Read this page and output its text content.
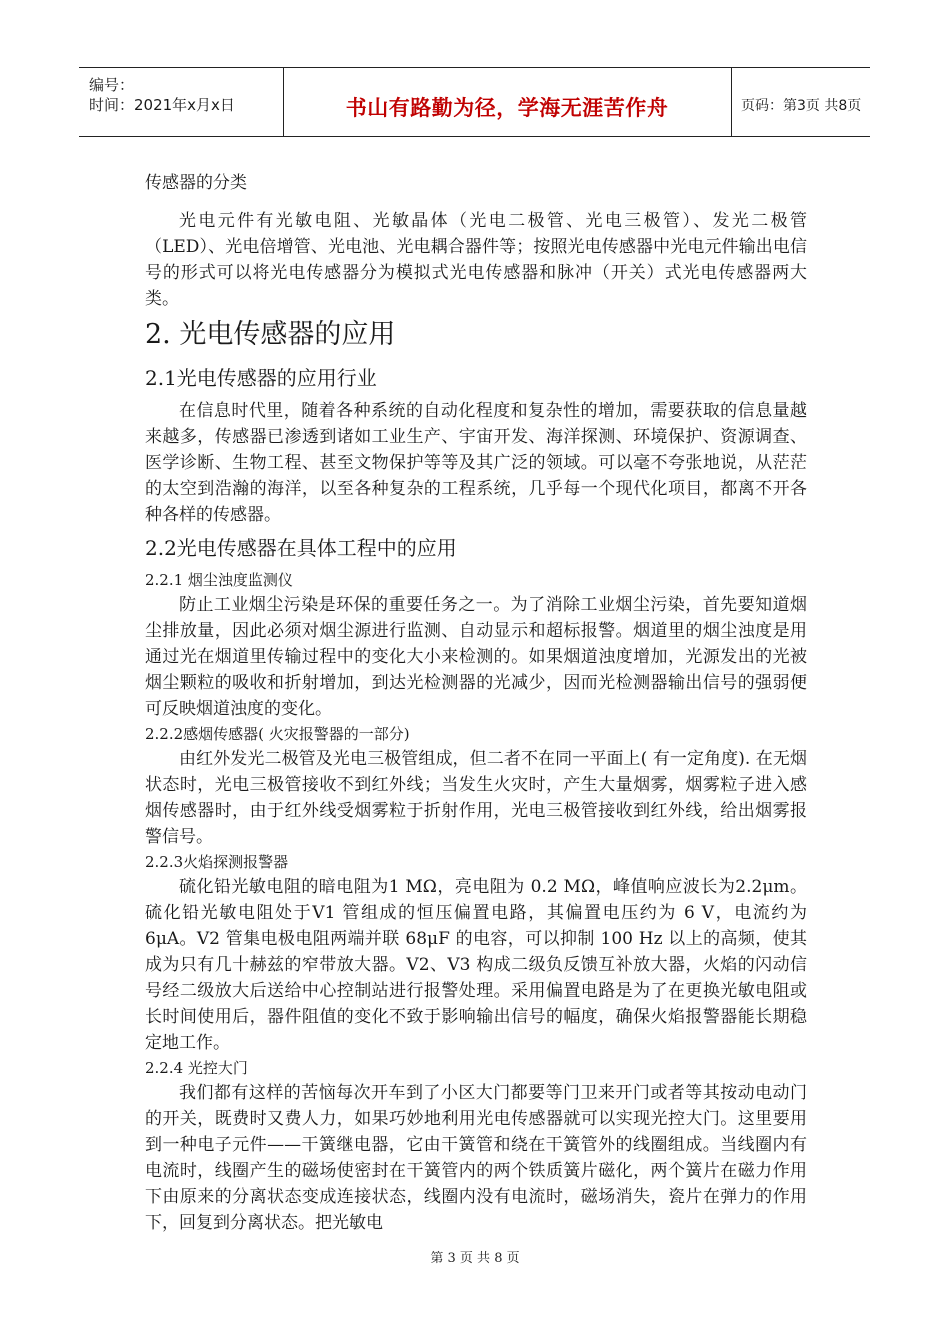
编号：
时间：2021年x月x日	书山有路勤为径，学海无涯苦作舟	页码：第3页 共8页
传感器的分类

光电元件有光敏电阻、光敏晶体（光电二极管、光电三极管）、发光二极管（LED）、光电倍增管、光电池、光电耦合器件等；按照光电传感器中光电元件输出电信号的形式可以将光电传感器分为模拟式光电传感器和脉冲（开关）式光电传感器两大类。

2. 光电传感器的应用
2.1光电传感器的应用行业

在信息时代里，随着各种系统的自动化程度和复杂性的增加，需要获取的信息量越来越多，传感器已渗透到诸如工业生产、宇宙开发、海洋探测、环境保护、资源调查、医学诊断、生物工程、甚至文物保护等等及其广泛的领域。可以毫不夸张地说，从茫茫的太空到浩瀚的海洋，以至各种复杂的工程系统，几乎每一个现代化项目，都离不开各种各样的传感器。

2.2光电传感器在具体工程中的应用
2.2.1 烟尘浊度监测仪

防止工业烟尘污染是环保的重要任务之一。为了消除工业烟尘污染，首先要知道烟尘排放量，因此必须对烟尘源进行监测、自动显示和超标报警。烟道里的烟尘浊度是用通过光在烟道里传输过程中的变化大小来检测的。如果烟道浊度增加，光源发出的光被烟尘颗粒的吸收和折射增加，到达光检测器的光减少，因而光检测器输出信号的强弱便可反映烟道浊度的变化。

2.2.2感烟传感器( 火灾报警器的一部分)

由红外发光二极管及光电三极管组成，但二者不在同一平面上( 有一定角度). 在无烟状态时，光电三极管接收不到红外线；当发生火灾时，产生大量烟雾，烟雾粒子进入感烟传感器时，由于红外线受烟雾粒于折射作用，光电三极管接收到红外线，给出烟雾报警信号。

2.2.3火焰探测报警器

硫化铅光敏电阻的暗电阻为1 MΩ，亮电阻为 0.2 MΩ，峰值响应波长为2.2μm。硫化铅光敏电阻处于V1 管组成的恒压偏置电路，其偏置电压约为 6 V，电流约为 6μA。V2 管集电极电阻两端并联 68μF 的电容，可以抑制 100 Hz 以上的高频，使其成为只有几十赫兹的窄带放大器。V2、V3 构成二级负反馈互补放大器，火焰的闪动信号经二级放大后送给中心控制站进行报警处理。采用偏置电路是为了在更换光敏电阻或长时间使用后，器件阻值的变化不致于影响输出信号的幅度，确保火焰报警器能长期稳定地工作。

2.2.4 光控大门

我们都有这样的苦恼每次开车到了小区大门都要等门卫来开门或者等其按动电动门的开关，既费时又费人力，如果巧妙地利用光电传感器就可以实现光控大门。这里要用到一种电子元件——干簧继电器，它由干簧管和绕在干簧管外的线圈组成。当线圈内有电流时，线圈产生的磁场使密封在干簧管内的两个铁质簧片磁化，两个簧片在磁力作用下由原来的分离状态变成连接状态，线圈内没有电流时，磁场消失，瓷片在弹力的作用下，回复到分离状态。把光敏电

第 3 页 共 8 页
